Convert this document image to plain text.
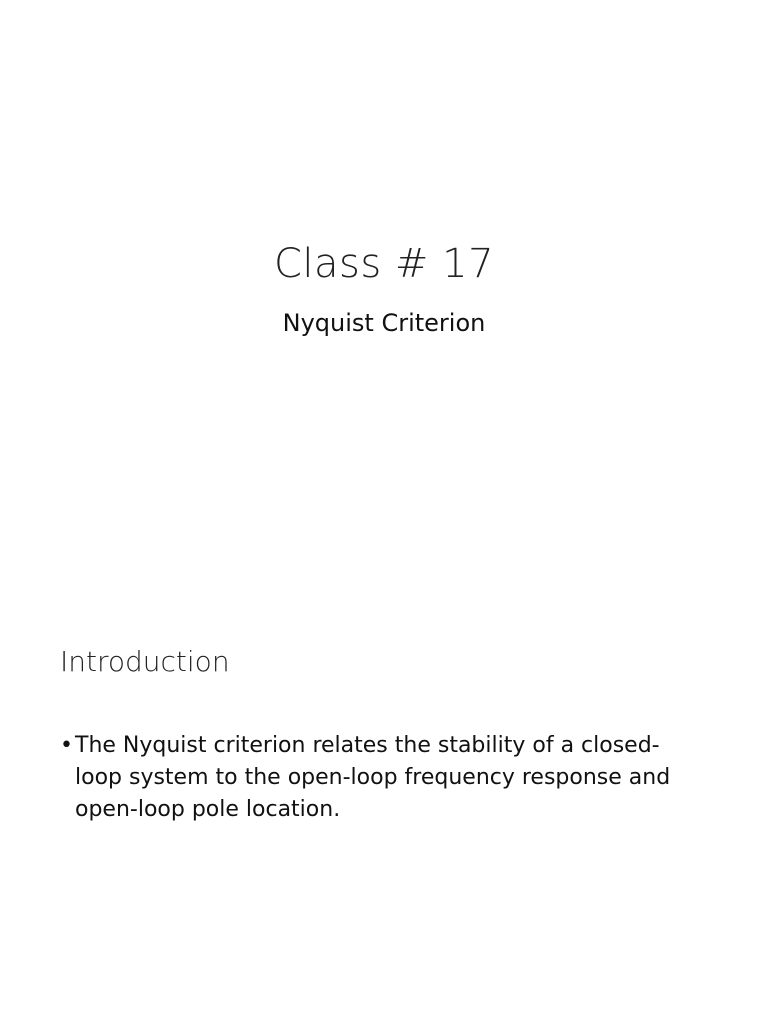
Class # 17
Nyquist Criterion
Introduction
• The Nyquist criterion relates the stability of a closed-loop system to the open-loop frequency response and open-loop pole location.
